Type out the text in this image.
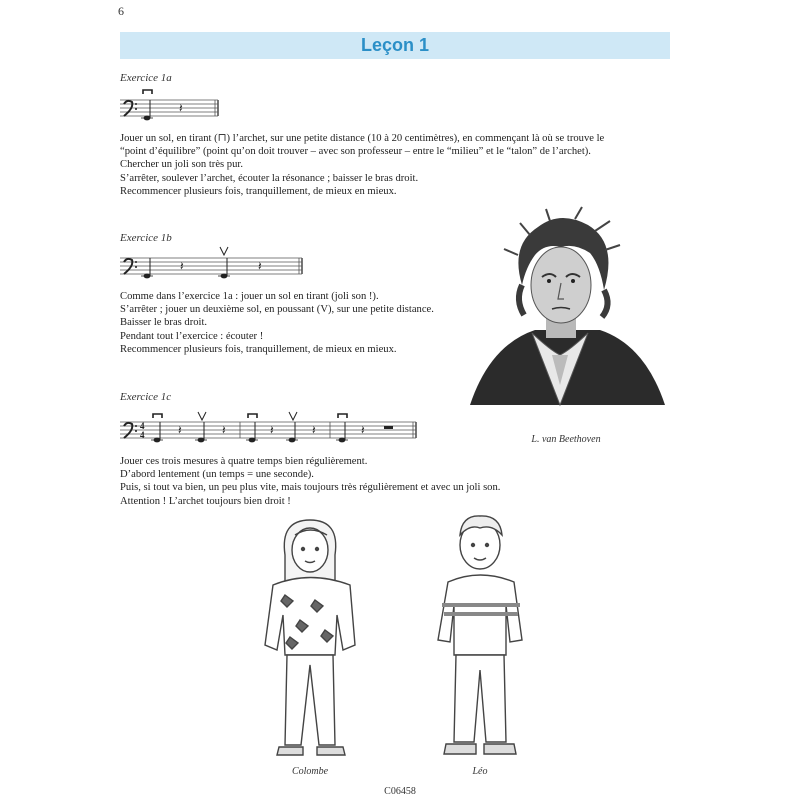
6
Leçon 1
Exercice 1a
𝄽
Jouer un sol, en tirant (⊓) l’archet, sur une petite distance (10 à 20 centimètres), en commençant là où se trouve le
“point d’équilibre” (point qu’on doit trouver – avec son professeur – entre le “milieu” et le “talon” de l’archet).
Chercher un joli son très pur.
S’arrêter, soulever l’archet, écouter la résonance ; baisser le bras droit.
Recommencer plusieurs fois, tranquillement, de mieux en mieux.
Exercice 1b
𝄽	𝄽
Comme dans l’exercice 1a : jouer un sol en tirant (joli son !).
S’arrêter ; jouer un deuxième sol, en poussant (V), sur une petite distance.
Baisser le bras droit.
Pendant tout l’exercice : écouter !
Recommencer plusieurs fois, tranquillement, de mieux en mieux.
L. van Beethoven
Exercice 1c
4
4	𝄽	𝄽	𝄽	𝄽	𝄽
Jouer ces trois mesures à quatre temps bien régulièrement.
D’abord lentement (un temps = une seconde).
Puis, si tout va bien, un peu plus vite, mais toujours très régulièrement et avec un joli son.
Attention ! L’archet toujours bien droit !
Colombe	Léo
C06458
